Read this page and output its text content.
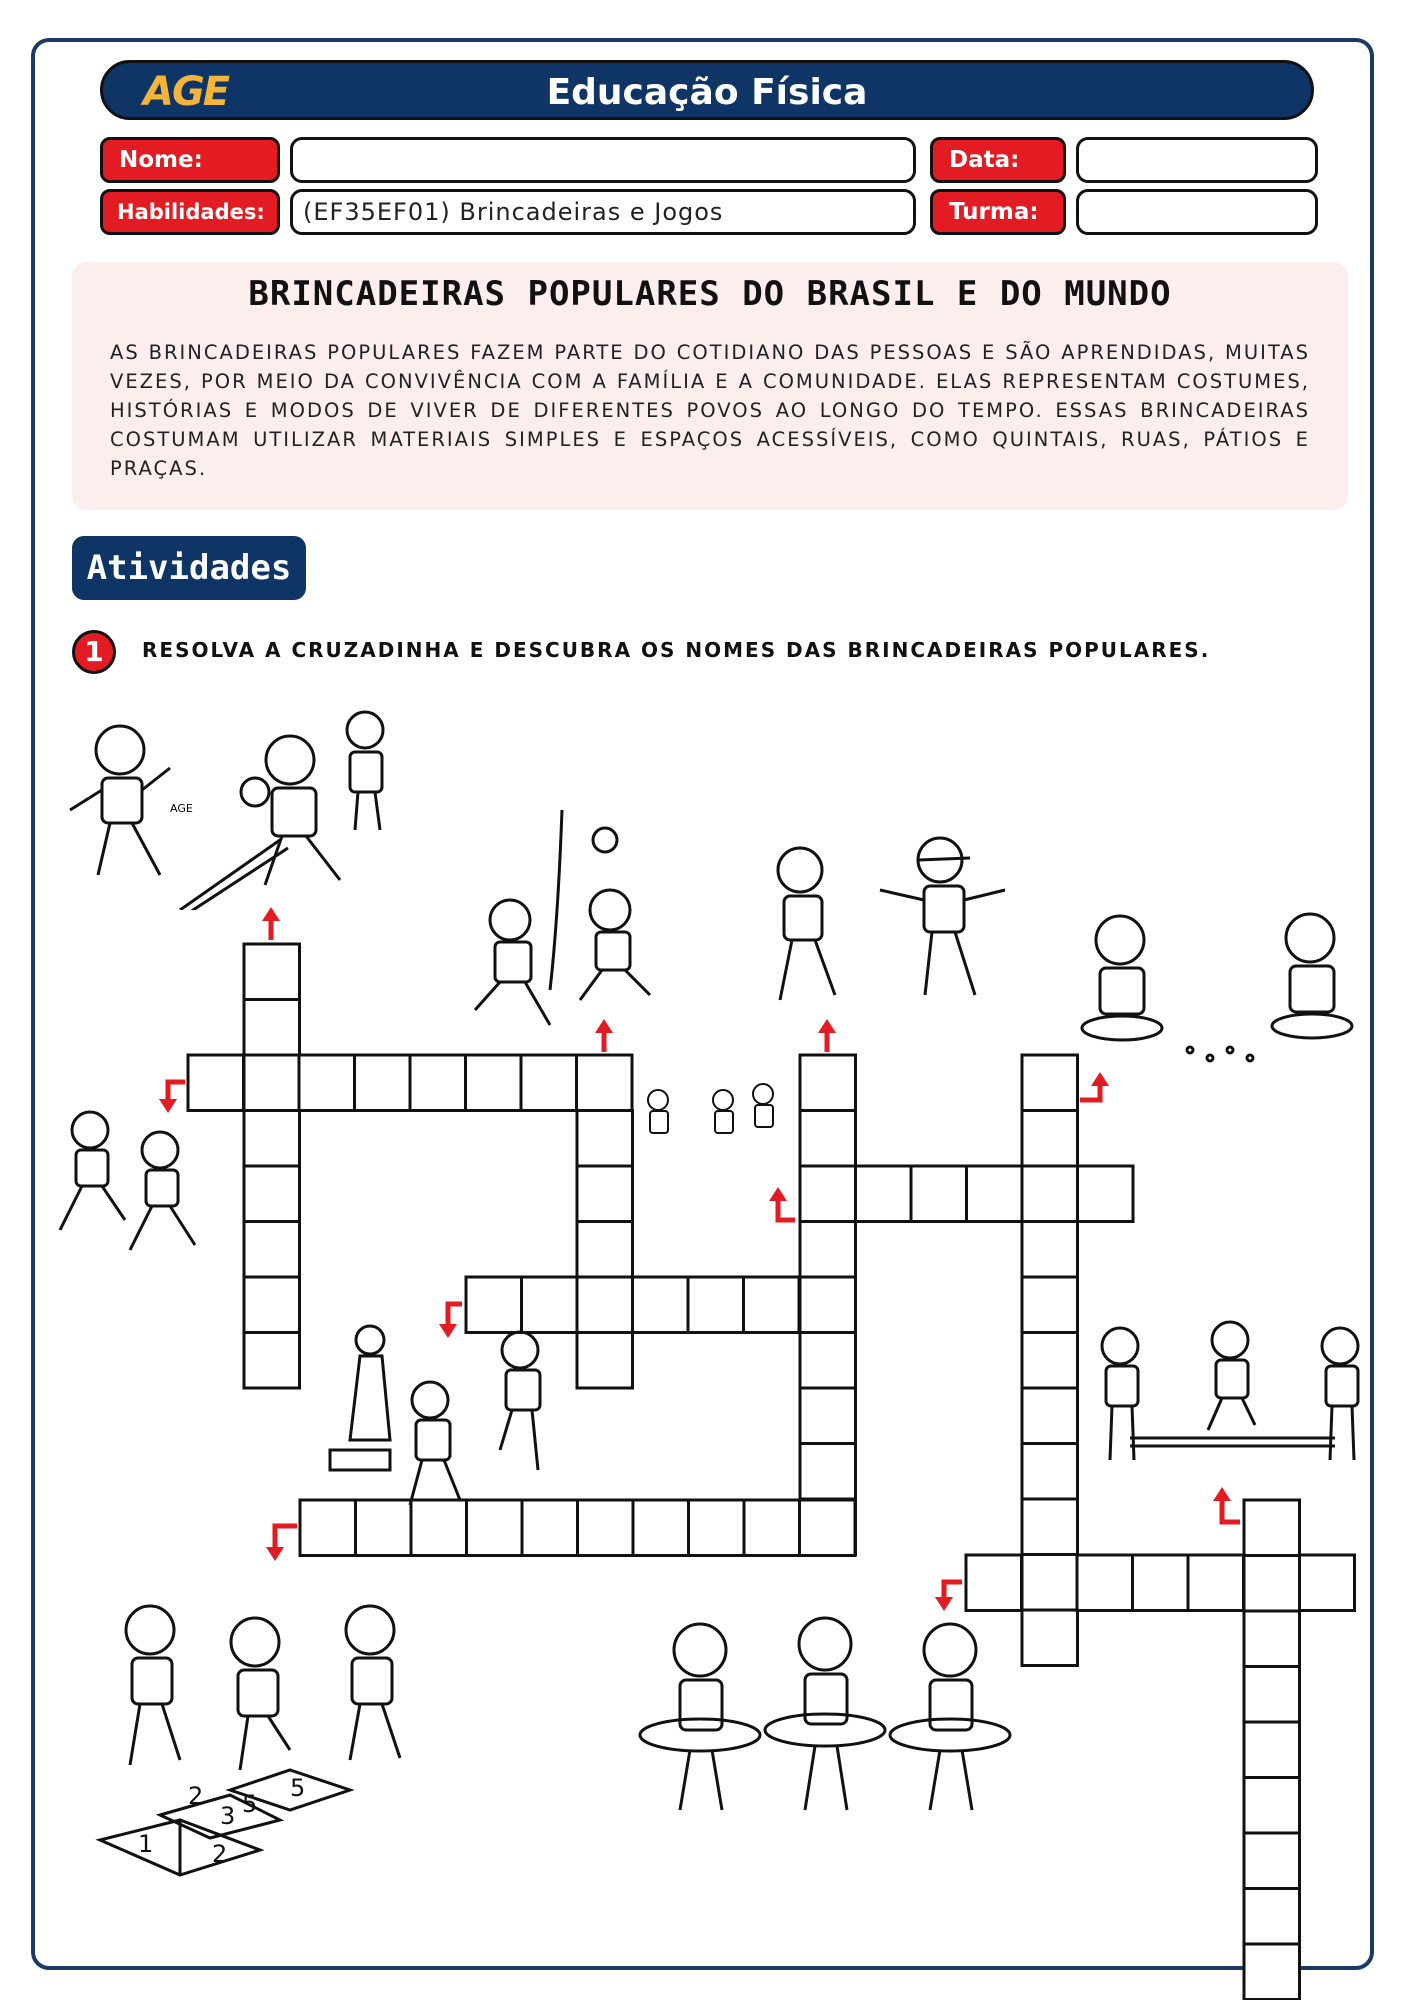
AGE	Educação Física
Nome:	Data:
Habilidades:	(EF35EF01) Brincadeiras e Jogos	Turma:
BRINCADEIRAS POPULARES DO BRASIL E DO MUNDO
AS BRINCADEIRAS POPULARES FAZEM PARTE DO COTIDIANO DAS PESSOAS E SÃO APRENDIDAS, MUITAS VEZES, POR MEIO DA CONVIVÊNCIA COM A FAMÍLIA E A COMUNIDADE. ELAS REPRESENTAM COSTUMES, HISTÓRIAS E MODOS DE VIVER DE DIFERENTES POVOS AO LONGO DO TEMPO. ESSAS BRINCADEIRAS COSTUMAM UTILIZAR MATERIAIS SIMPLES E ESPAÇOS ACESSÍVEIS, COMO QUINTAIS, RUAS, PÁTIOS E PRAÇAS.
Atividades
1	RESOLVA A CRUZADINHA E DESCUBRA OS NOMES DAS BRINCADEIRAS POPULARES.
AGE
1 2
3
2 5
5
